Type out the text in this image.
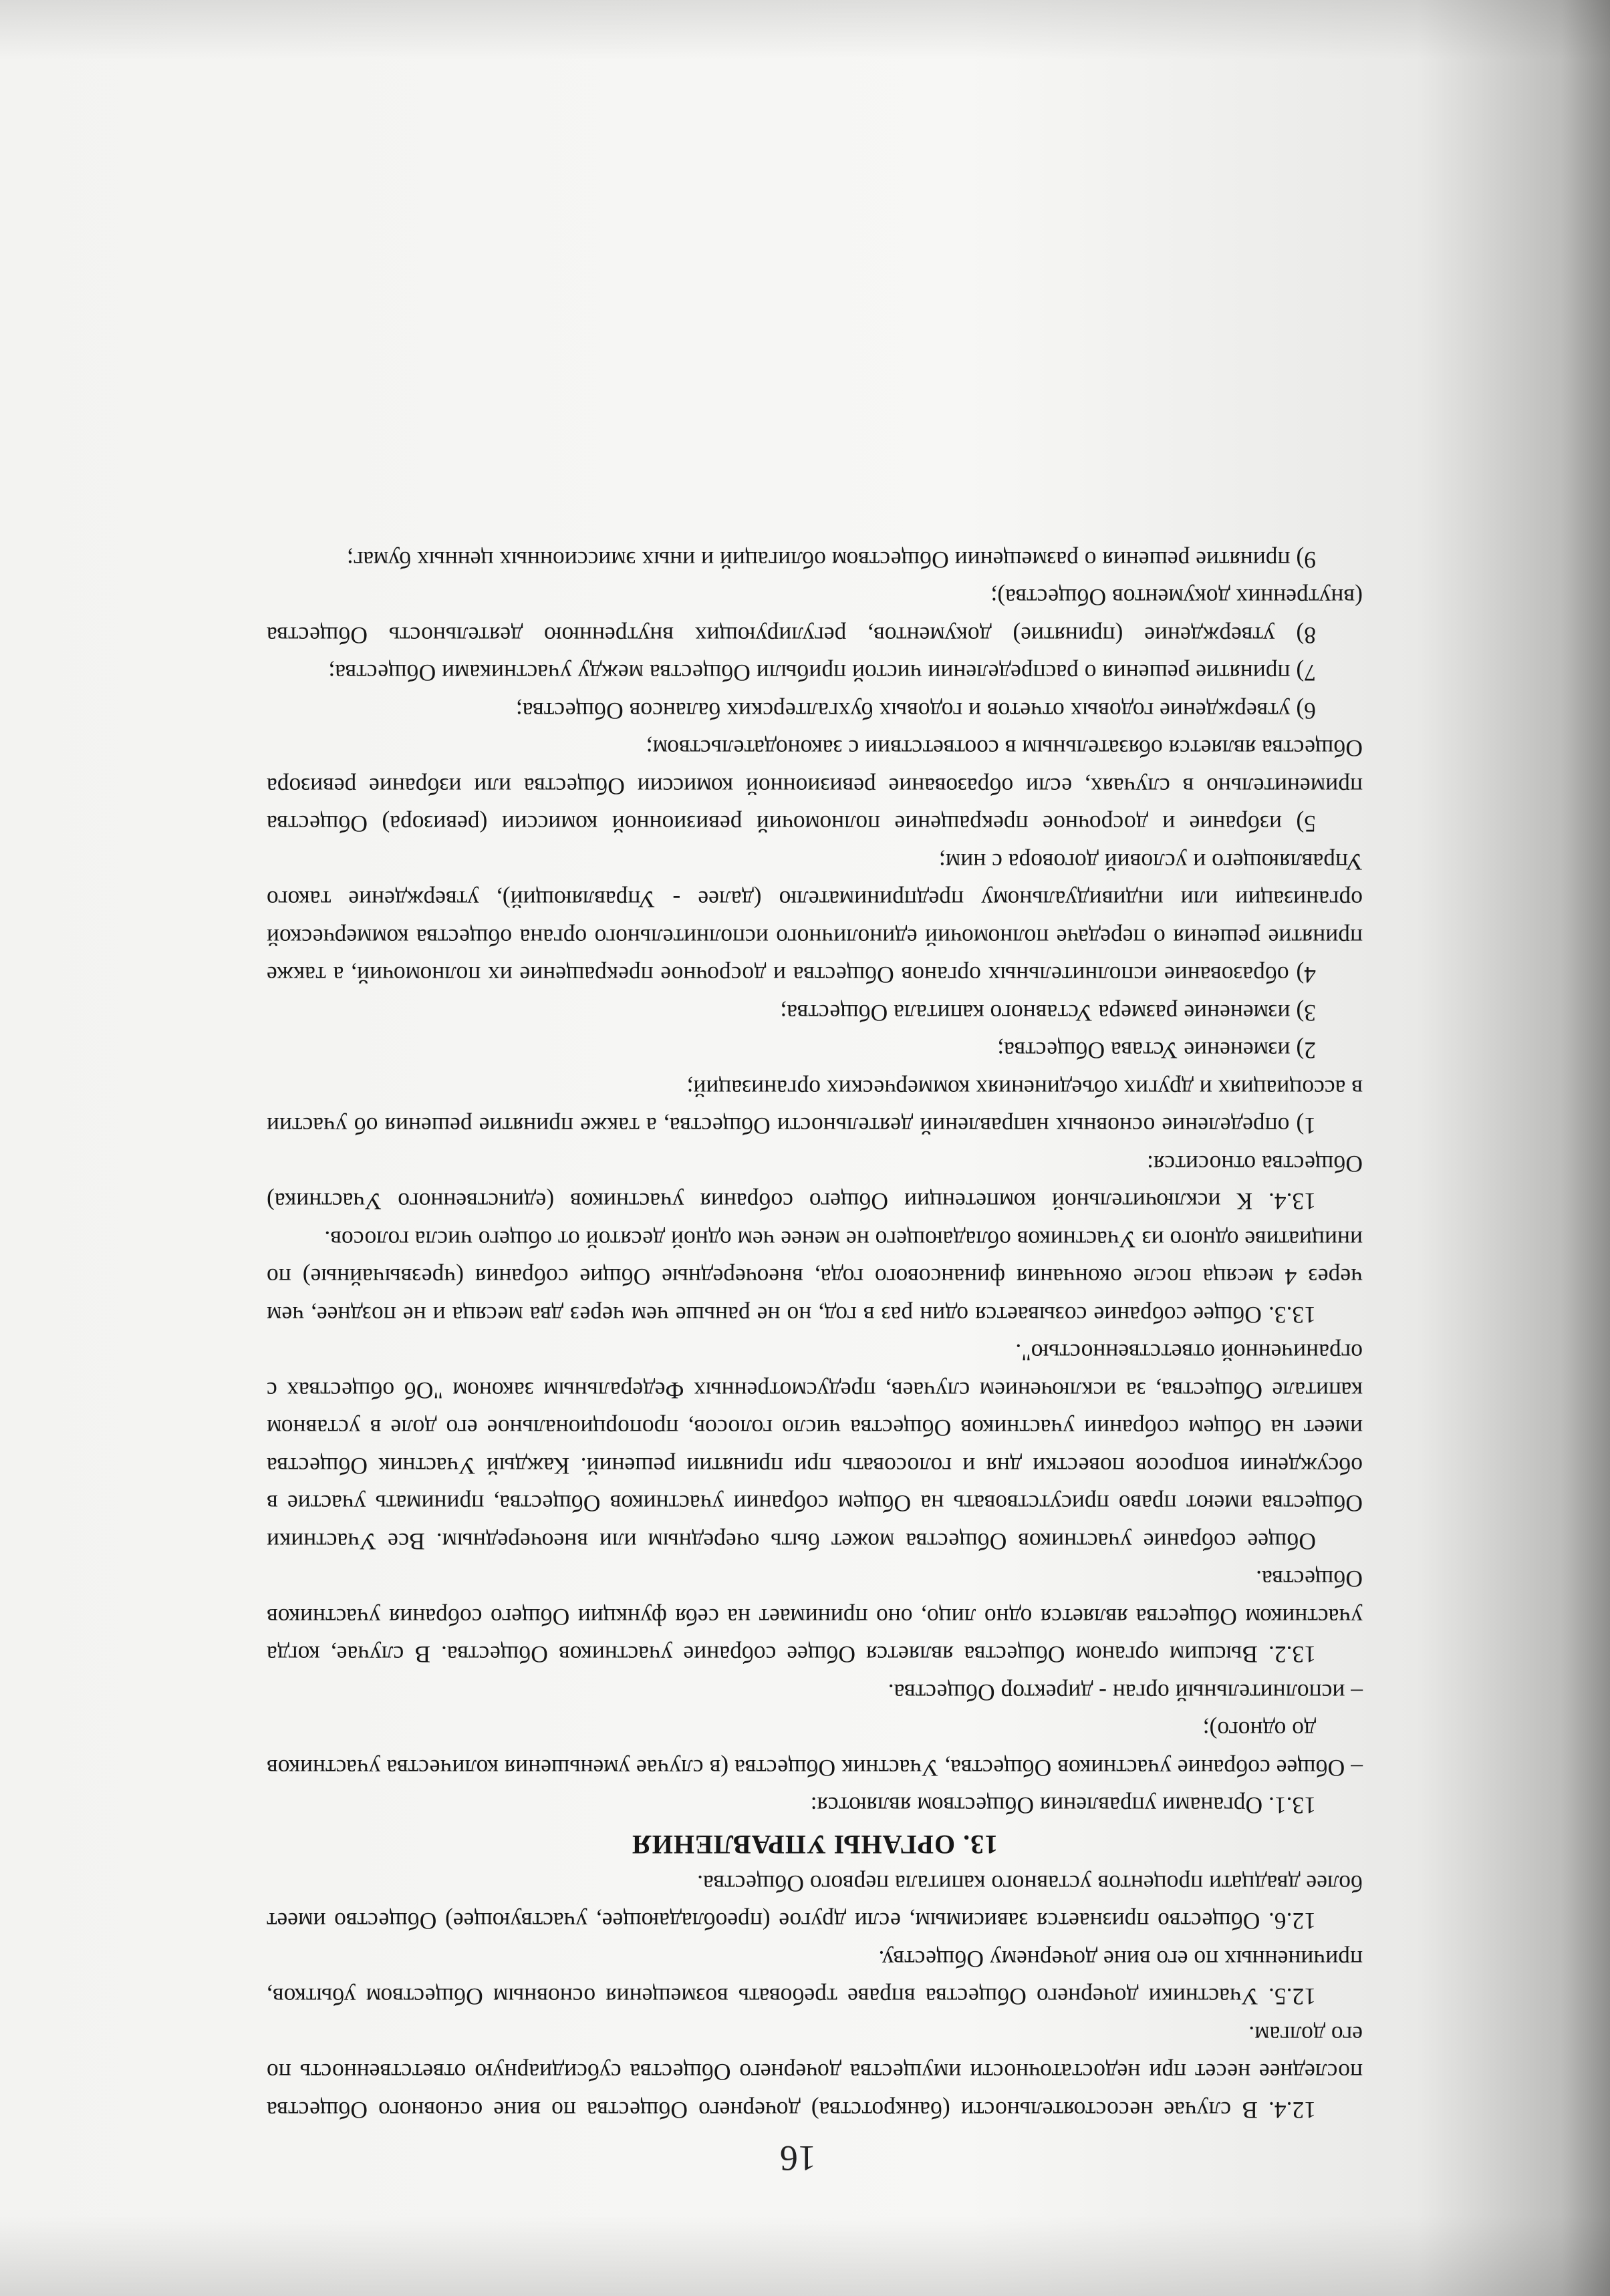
16

12.4. В случае несостоятельности (банкротства) дочернего Общества по вине основного Общества последнее несет при недостаточности имущества дочернего Общества субсидиарную ответственность по его долгам.

12.5. Участники дочернего Общества вправе требовать возмещения основным Обществом убытков, причиненных по его вине дочернему Обществу.

12.6. Общество признается зависимым, если другое (преобладающее, участвующее) Общество имеет более двадцати процентов уставного капитала первого Общества.

13. ОРГАНЫ УПРАВЛЕНИЯ

13.1. Органами управления Обществом являются:

– Общее собрание участников Общества, Участник Общества (в случае уменьшения количества участников до одного);

– исполнительный орган - директор Общества.

13.2. Высшим органом Общества является Общее собрание участников Общества. В случае, когда участником Общества является одно лицо, оно принимает на себя функции Общего собрания участников Общества.

Общее собрание участников Общества может быть очередным или внеочередным. Все Участники Общества имеют право присутствовать на Общем собрании участников Общества, принимать участие в обсуждении вопросов повестки дня и голосовать при принятии решений. Каждый Участник Общества имеет на Общем собрании участников Общества число голосов, пропорциональное его доле в уставном капитале Общества, за исключением случаев, предусмотренных Федеральным законом "Об обществах с ограниченной ответственностью".

13.3. Общее собрание созывается один раз в год, но не раньше чем через два месяца и не позднее, чем через 4 месяца после окончания финансового года, внеочередные Общие собрания (чрезвычайные) по инициативе одного из Участников обладающего не менее чем одной десятой от общего числа голосов.

13.4. К исключительной компетенции Общего собрания участников (единственного Участника) Общества относится:

1) определение основных направлений деятельности Общества, а также принятие решения об участии в ассоциациях и других объединениях коммерческих организаций;

2) изменение Устава Общества;

3) изменение размера Уставного капитала Общества;

4) образование исполнительных органов Общества и досрочное прекращение их полномочий, а также принятие решения о передаче полномочий единоличного исполнительного органа общества коммерческой организации или индивидуальному предпринимателю (далее - Управляющий), утверждение такого Управляющего и условий договора с ним;

5) избрание и досрочное прекращение полномочий ревизионной комиссии (ревизора) Общества применительно в случаях, если образование ревизионной комиссии Общества или избрание ревизора Общества является обязательным в соответствии с законодательством;

6) утверждение годовых отчетов и годовых бухгалтерских балансов Общества;

7) принятие решения о распределении чистой прибыли Общества между участниками Общества;

8) утверждение (принятие) документов, регулирующих внутреннюю деятельность Общества (внутренних документов Общества);

9) принятие решения о размещении Обществом облигаций и иных эмиссионных ценных бумаг;
